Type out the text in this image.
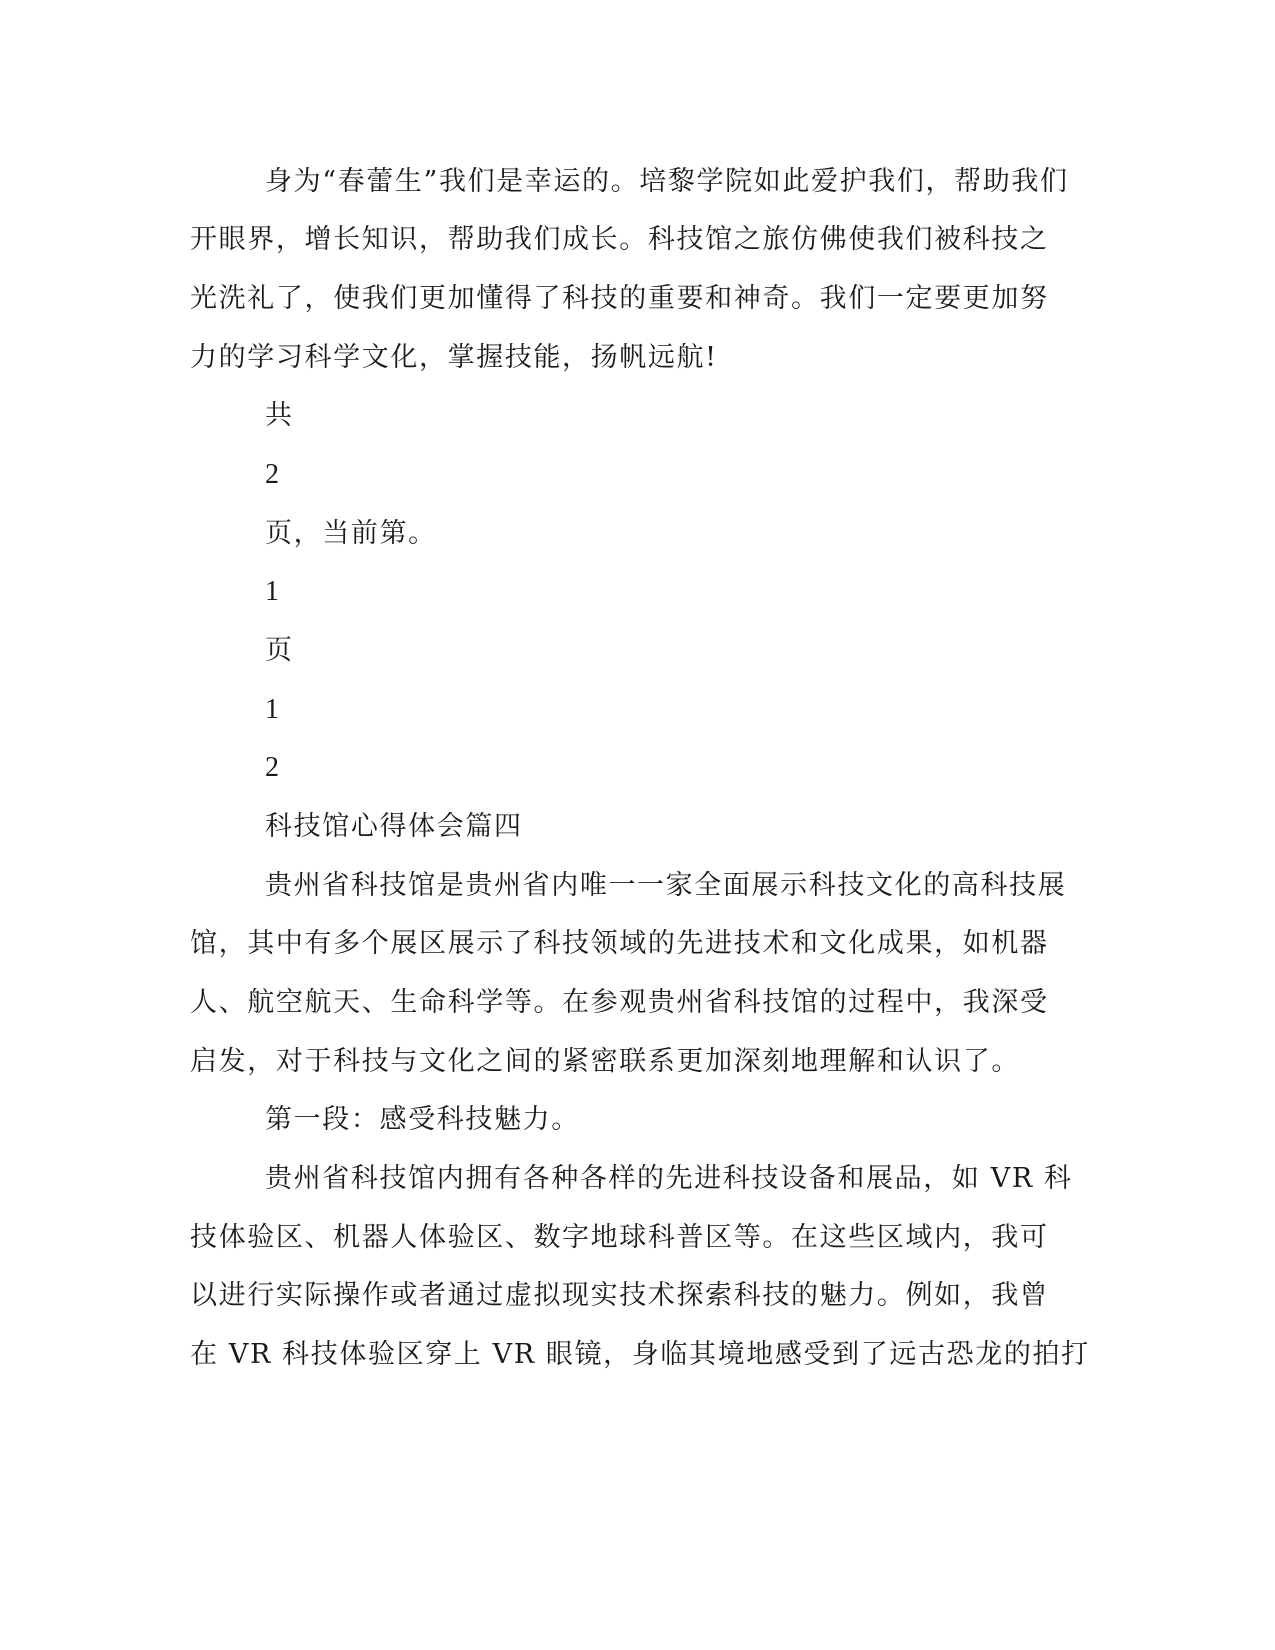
身为“春蕾生”我们是幸运的。培黎学院如此爱护我们，帮助我们
开眼界，增长知识，帮助我们成长。科技馆之旅仿佛使我们被科技之
光洗礼了，使我们更加懂得了科技的重要和神奇。我们一定要更加努
力的学习科学文化，掌握技能，扬帆远航!
共
2
页，当前第。
1
页
1
2
科技馆心得体会篇四
贵州省科技馆是贵州省内唯一一家全面展示科技文化的高科技展
馆，其中有多个展区展示了科技领域的先进技术和文化成果，如机器
人、航空航天、生命科学等。在参观贵州省科技馆的过程中，我深受
启发，对于科技与文化之间的紧密联系更加深刻地理解和认识了。
第一段：感受科技魅力。
贵州省科技馆内拥有各种各样的先进科技设备和展品，如 VR 科
技体验区、机器人体验区、数字地球科普区等。在这些区域内，我可
以进行实际操作或者通过虚拟现实技术探索科技的魅力。例如，我曾
在 VR 科技体验区穿上 VR 眼镜，身临其境地感受到了远古恐龙的拍打
